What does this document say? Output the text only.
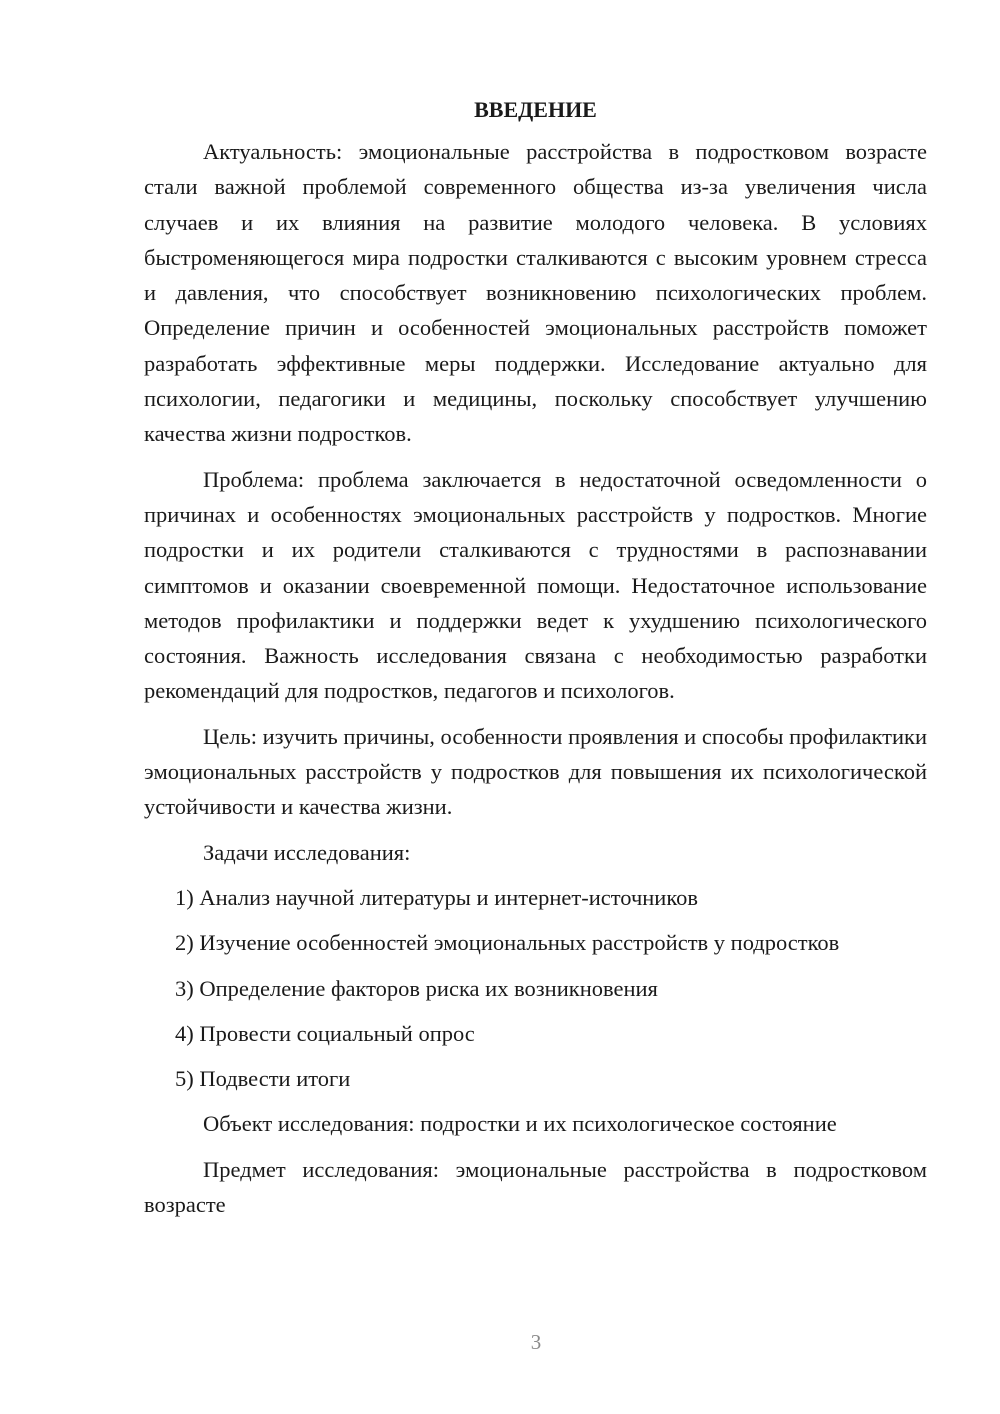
ВВЕДЕНИЕ

Актуальность: эмоциональные расстройства в подростковом возрасте стали важной проблемой современного общества из-за увеличения числа случаев и их влияния на развитие молодого человека. В условиях быстроменяющегося мира подростки сталкиваются с высоким уровнем стресса и давления, что способствует возникновению психологических проблем. Определение причин и особенностей эмоциональных расстройств поможет разработать эффективные меры поддержки. Исследование актуально для психологии, педагогики и медицины, поскольку способствует улучшению качества жизни подростков.

Проблема: проблема заключается в недостаточной осведомленности о причинах и особенностях эмоциональных расстройств у подростков. Многие подростки и их родители сталкиваются с трудностями в распознавании симптомов и оказании своевременной помощи. Недостаточное использование методов профилактики и поддержки ведет к ухудшению психологического состояния. Важность исследования связана с необходимостью разработки рекомендаций для подростков, педагогов и психологов.

Цель: изучить причины, особенности проявления и способы профилактики эмоциональных расстройств у подростков для повышения их психологической устойчивости и качества жизни.

Задачи исследования:

1) Анализ научной литературы и интернет-источников
2) Изучение особенностей эмоциональных расстройств у подростков
3) Определение факторов риска их возникновения
4) Провести социальный опрос
5) Подвести итоги

Объект исследования: подростки и их психологическое состояние

Предмет исследования: эмоциональные расстройства в подростковом возрасте

3
